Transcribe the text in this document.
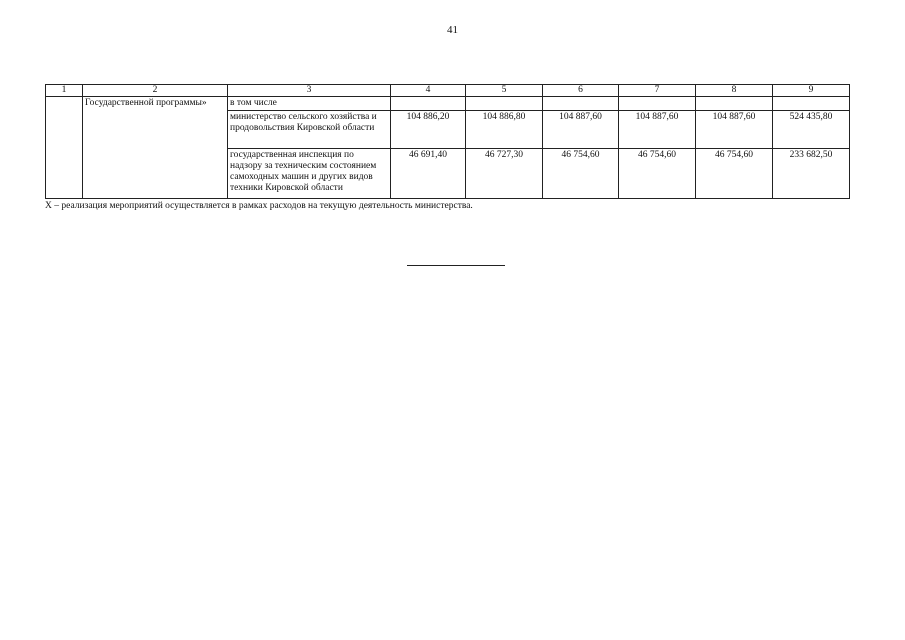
41
1	2	3	4	5	6	7	8	9
	Государственной программы»	в том числе						
		министерство сельского хозяйства и продовольствия Кировской области	104 886,20	104 886,80	104 887,60	104 887,60	104 887,60	524 435,80
		государственная инспекция по надзору за техническим состоянием самоходных машин и других видов техники Кировской области	46 691,40	46 727,30	46 754,60	46 754,60	46 754,60	233 682,50
Х – реализация мероприятий осуществляется в рамках расходов на текущую деятельность министерства.
